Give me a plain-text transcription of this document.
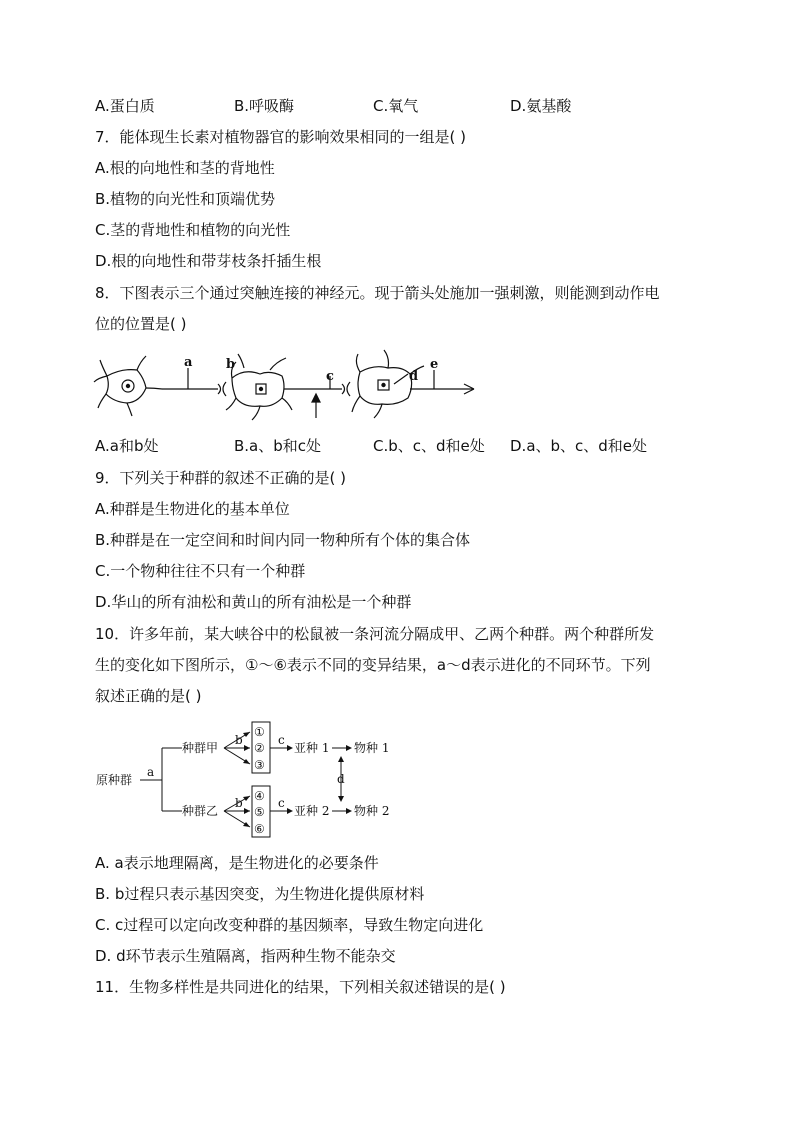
A.蛋白质	B.呼吸酶	C.氧气	D.氨基酸
7．能体现生长素对植物器官的影响效果相同的一组是( )
A.根的向地性和茎的背地性
B.植物的向光性和顶端优势
C.茎的背地性和植物的向光性
D.根的向地性和带芽枝条扦插生根
8．下图表示三个通过突触连接的神经元。现于箭头处施加一强刺激，则能测到动作电
位的位置是( )
a	b
c	d
e
A.a和b处	B.a、b和c处	C.b、c、d和e处 D.a、b、c、d和e处
9．下列关于种群的叙述不正确的是( )
A.种群是生物进化的基本单位
B.种群是在一定空间和时间内同一物种所有个体的集合体
C.一个物种往往不只有一个种群
D.华山的所有油松和黄山的所有油松是一个种群
10．许多年前，某大峡谷中的松鼠被一条河流分隔成甲、乙两个种群。两个种群所发
生的变化如下图所示，①～⑥表示不同的变异结果，a～d表示进化的不同环节。下列
叙述正确的是( )
原种群
a
种群甲
种群乙
b
b
①
②
③
④
⑤
⑥
c
c
亚种 1
亚种 2
d
物种 1
物种 2
A. a表示地理隔离，是生物进化的必要条件
B. b过程只表示基因突变，为生物进化提供原材料
C. c过程可以定向改变种群的基因频率，导致生物定向进化
D. d环节表示生殖隔离，指两种生物不能杂交
11．生物多样性是共同进化的结果，下列相关叙述错误的是( )
